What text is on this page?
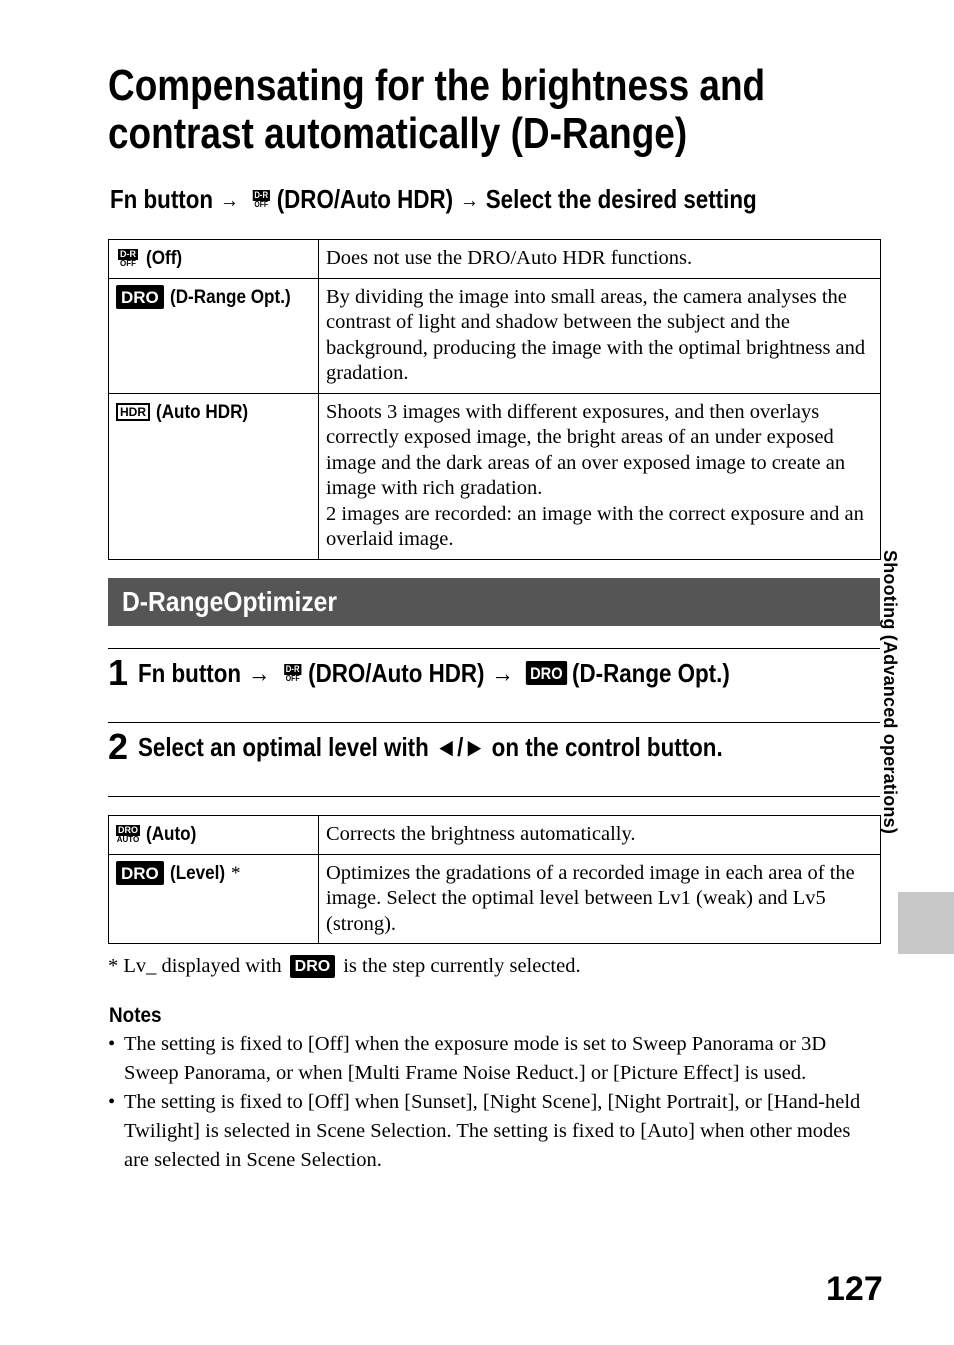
Compensating for the brightness and
contrast automatically (D-Range)
Fn button → D-R
OFF (DRO/Auto HDR) → Select the desired setting
D-R
OFF (Off)	Does not use the DRO/Auto HDR functions.
DRO (D-Range Opt.)	By dividing the image into small areas, the camera analyses the contrast of light and shadow between the subject and the background, producing the image with the optimal brightness and gradation.
HDR (Auto HDR)	Shoots 3 images with different exposures, and then overlays correctly exposed image, the bright areas of an under exposed image and the dark areas of an over exposed image to create an image with rich gradation.
2 images are recorded: an image with the correct exposure and an overlaid image.
D-RangeOptimizer
1 Fn button → D-R
OFF (DRO/Auto HDR) → DRO (D-Range Opt.)
2 Select an optimal level with ◄/► on the control button.
DRO
AUTO (Auto)	Corrects the brightness automatically.
DRO (Level) *	Optimizes the gradations of a recorded image in each area of the image. Select the optimal level between Lv1 (weak) and Lv5 (strong).
* Lv_ displayed with DRO is the step currently selected.
Notes
• The setting is fixed to [Off] when the exposure mode is set to Sweep Panorama or 3D Sweep Panorama, or when [Multi Frame Noise Reduct.] or [Picture Effect] is used.
• The setting is fixed to [Off] when [Sunset], [Night Scene], [Night Portrait], or [Hand-held Twilight] is selected in Scene Selection. The setting is fixed to [Auto] when other modes are selected in Scene Selection.
Shooting (Advanced operations)
127
